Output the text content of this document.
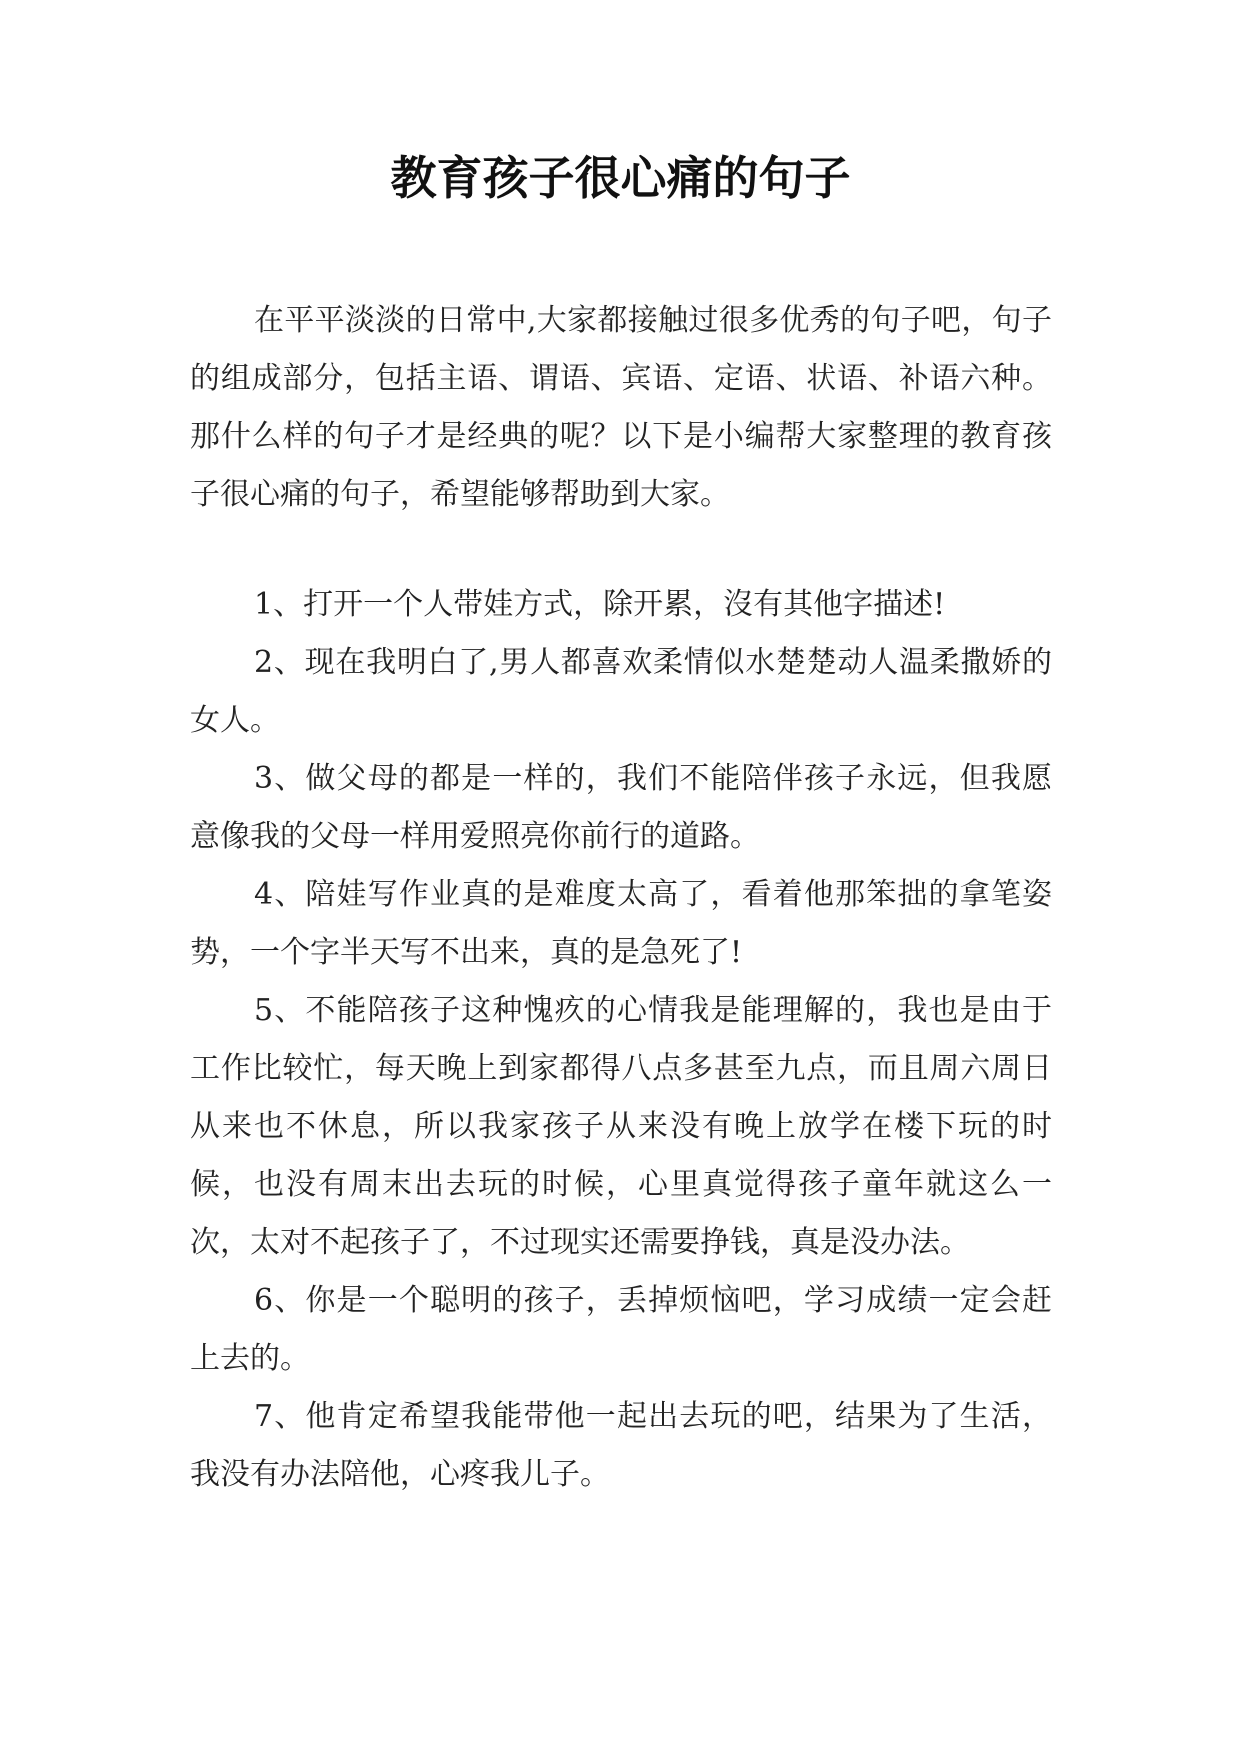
教育孩子很心痛的句子

在平平淡淡的日常中,大家都接触过很多优秀的句子吧，句子的组成部分，包括主语、谓语、宾语、定语、状语、补语六种。那什么样的句子才是经典的呢？以下是小编帮大家整理的教育孩子很心痛的句子，希望能够帮助到大家。

1、打开一个人带娃方式，除开累，沒有其他字描述!

2、现在我明白了,男人都喜欢柔情似水楚楚动人温柔撒娇的女人。

3、做父母的都是一样的，我们不能陪伴孩子永远，但我愿意像我的父母一样用爱照亮你前行的道路。

4、陪娃写作业真的是难度太高了，看着他那笨拙的拿笔姿势，一个字半天写不出来，真的是急死了!

5、不能陪孩子这种愧疚的心情我是能理解的，我也是由于工作比较忙，每天晚上到家都得八点多甚至九点，而且周六周日从来也不休息，所以我家孩子从来没有晚上放学在楼下玩的时候，也没有周末出去玩的时候，心里真觉得孩子童年就这么一次，太对不起孩子了，不过现实还需要挣钱，真是没办法。

6、你是一个聪明的孩子，丢掉烦恼吧，学习成绩一定会赶上去的。

7、他肯定希望我能带他一起出去玩的吧，结果为了生活，我没有办法陪他，心疼我儿子。
